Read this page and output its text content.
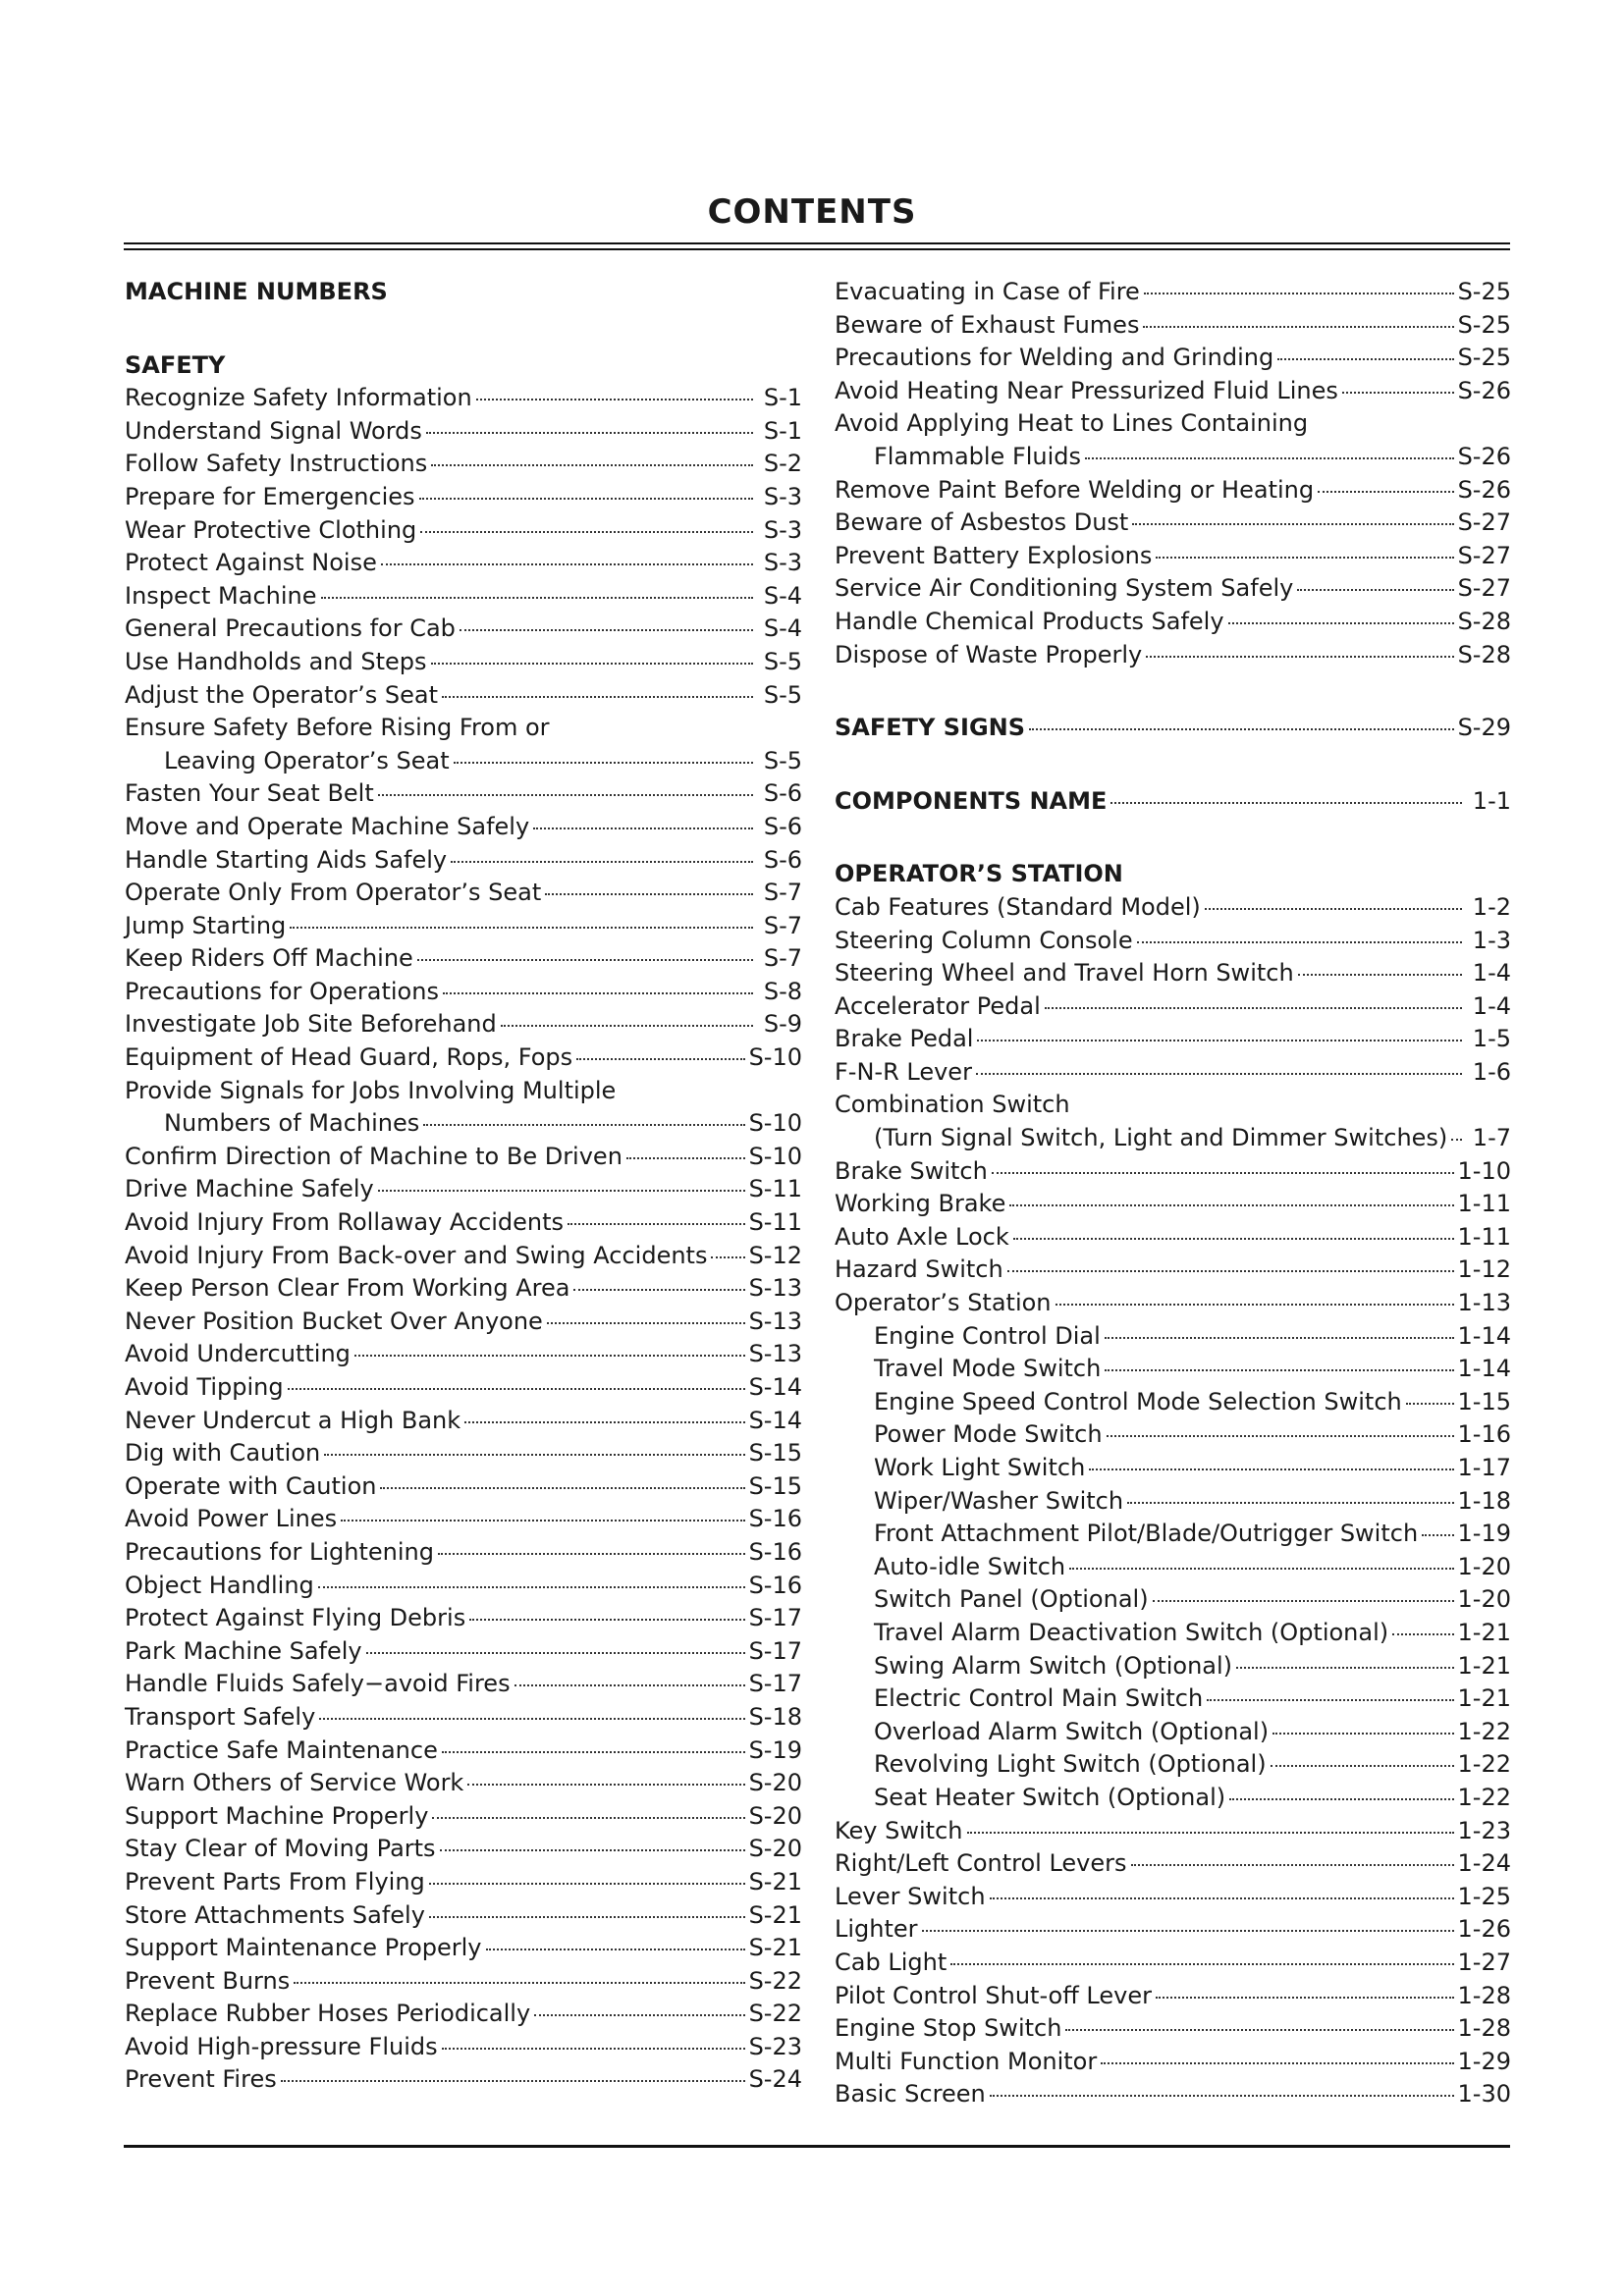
CONTENTS
MACHINE NUMBERS
SAFETY
Recognize Safety Information	S-1
Understand Signal Words	S-1
Follow Safety Instructions	S-2
Prepare for Emergencies	S-3
Wear Protective Clothing	S-3
Protect Against Noise	S-3
Inspect Machine	S-4
General Precautions for Cab	S-4
Use Handholds and Steps	S-5
Adjust the Operator’s Seat	S-5
Ensure Safety Before Rising From or
Leaving Operator’s Seat	S-5
Fasten Your Seat Belt	S-6
Move and Operate Machine Safely	S-6
Handle Starting Aids Safely	S-6
Operate Only From Operator’s Seat	S-7
Jump Starting	S-7
Keep Riders Off Machine	S-7
Precautions for Operations	S-8
Investigate Job Site Beforehand	S-9
Equipment of Head Guard, Rops, Fops	S-10
Provide Signals for Jobs Involving Multiple
Numbers of Machines	S-10
Confirm Direction of Machine to Be Driven	S-10
Drive Machine Safely	S-11
Avoid Injury From Rollaway Accidents	S-11
Avoid Injury From Back-over and Swing Accidents S-12
Keep Person Clear From Working Area	S-13
Never Position Bucket Over Anyone	S-13
Avoid Undercutting	S-13
Avoid Tipping	S-14
Never Undercut a High Bank	S-14
Dig with Caution	S-15
Operate with Caution	S-15
Avoid Power Lines	S-16
Precautions for Lightening	S-16
Object Handling	S-16
Protect Against Flying Debris	S-17
Park Machine Safely	S-17
Handle Fluids Safely−avoid Fires	S-17
Transport Safely	S-18
Practice Safe Maintenance	S-19
Warn Others of Service Work	S-20
Support Machine Properly	S-20
Stay Clear of Moving Parts	S-20
Prevent Parts From Flying	S-21
Store Attachments Safely	S-21
Support Maintenance Properly	S-21
Prevent Burns	S-22
Replace Rubber Hoses Periodically	S-22
Avoid High-pressure Fluids	S-23
Prevent Fires	S-24
Evacuating in Case of Fire	S-25
Beware of Exhaust Fumes	S-25
Precautions for Welding and Grinding	S-25
Avoid Heating Near Pressurized Fluid Lines	S-26
Avoid Applying Heat to Lines Containing
Flammable Fluids	S-26
Remove Paint Before Welding or Heating	S-26
Beware of Asbestos Dust	S-27
Prevent Battery Explosions	S-27
Service Air Conditioning System Safely	S-27
Handle Chemical Products Safely	S-28
Dispose of Waste Properly	S-28
SAFETY SIGNS	S-29
COMPONENTS NAME	1-1
OPERATOR’S STATION
Cab Features (Standard Model)	1-2
Steering Column Console	1-3
Steering Wheel and Travel Horn Switch	1-4
Accelerator Pedal	1-4
Brake Pedal	1-5
F-N-R Lever	1-6
Combination Switch
(Turn Signal Switch, Light and Dimmer Switches) 1-7
Brake Switch	1-10
Working Brake	1-11
Auto Axle Lock	1-11
Hazard Switch	1-12
Operator’s Station	1-13
Engine Control Dial	1-14
Travel Mode Switch	1-14
Engine Speed Control Mode Selection Switch 1-15
Power Mode Switch	1-16
Work Light Switch	1-17
Wiper/Washer Switch	1-18
Front Attachment Pilot/Blade/Outrigger Switch 1-19
Auto-idle Switch	1-20
Switch Panel (Optional)	1-20
Travel Alarm Deactivation Switch (Optional)	1-21
Swing Alarm Switch (Optional)	1-21
Electric Control Main Switch	1-21
Overload Alarm Switch (Optional)	1-22
Revolving Light Switch (Optional)	1-22
Seat Heater Switch (Optional)	1-22
Key Switch	1-23
Right/Left Control Levers	1-24
Lever Switch	1-25
Lighter	1-26
Cab Light	1-27
Pilot Control Shut-off Lever	1-28
Engine Stop Switch	1-28
Multi Function Monitor	1-29
Basic Screen	1-30
